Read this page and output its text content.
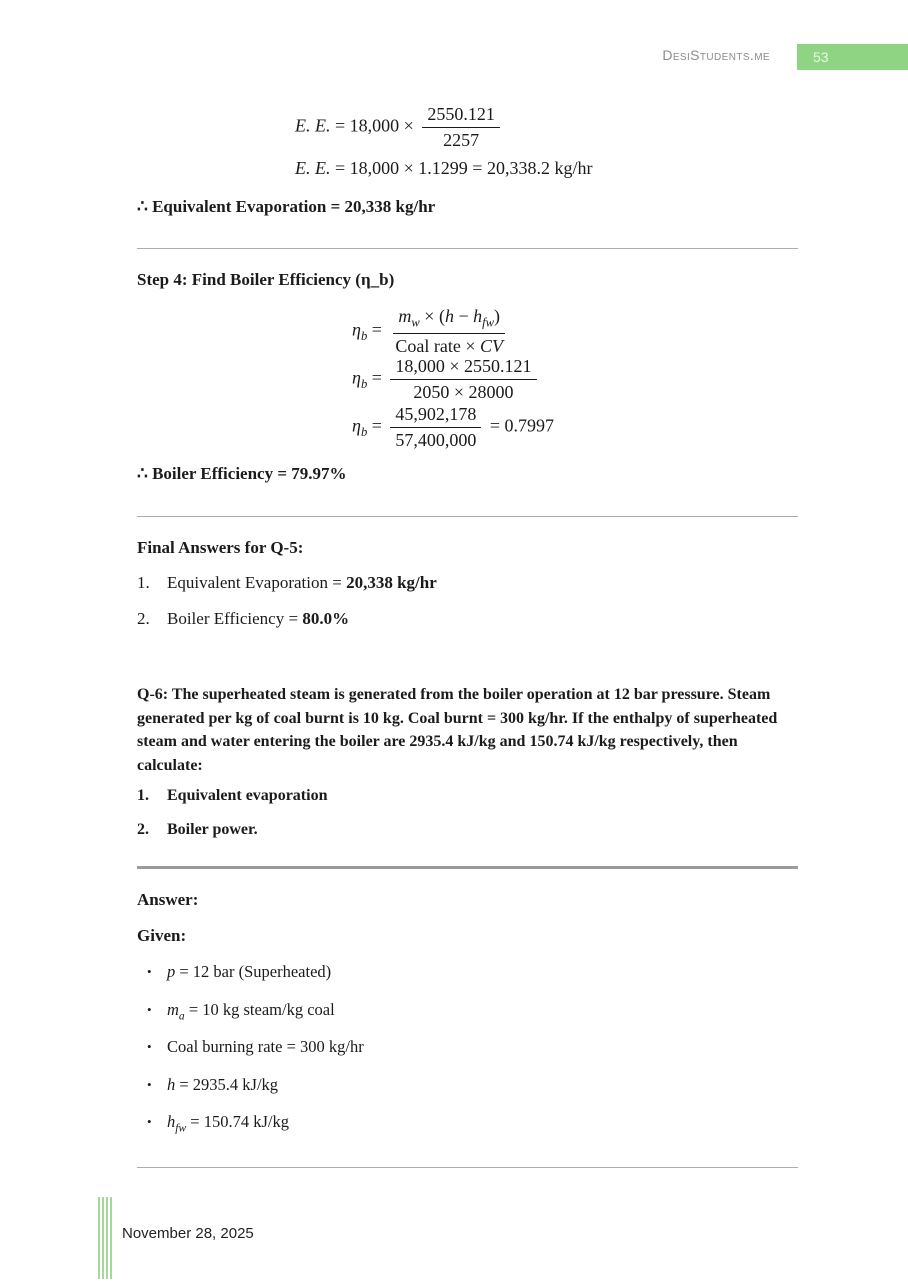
DesiStudents.me	53
E. E. = $18,000 \times \frac{2550.121}{2257}$
E. E. = 18,000 × 1.1299 = 20,338.2 kg/hr
∴ Equivalent Evaporation = 20,338 kg/hr
Step 4: Find Boiler Efficiency (η_b)
$\eta_b = \frac{m_w \times (h - h_{fw})}{\text{Coal rate × CV}}$
$\eta_b = \frac{18,000 \times 2550.121}{2050 \times 28000}$
$\eta_b = \frac{45,902,178}{57,400,000} = 0.7997$
∴ Boiler Efficiency = 79.97%
Final Answers for Q-5:
1. Equivalent Evaporation = 20,338 kg/hr
2. Boiler Efficiency = 80.0%
Q-6: The superheated steam is generated from the boiler operation at 12 bar pressure. Steam generated per kg of coal burnt is 10 kg. Coal burnt = 300 kg/hr. If the enthalpy of superheated steam and water entering the boiler are 2935.4 kJ/kg and 150.74 kJ/kg respectively, then calculate:
1. Equivalent evaporation
2. Boiler power.
Answer:
Given:
• p = 12 bar (Superheated)
• $m_a = 10$ kg steam/kg coal
• Coal burning rate = 300 kg/hr
• h = 2935.4 kJ/kg
• $h_{fw} = 150.74$ kJ/kg
November 28, 2025
